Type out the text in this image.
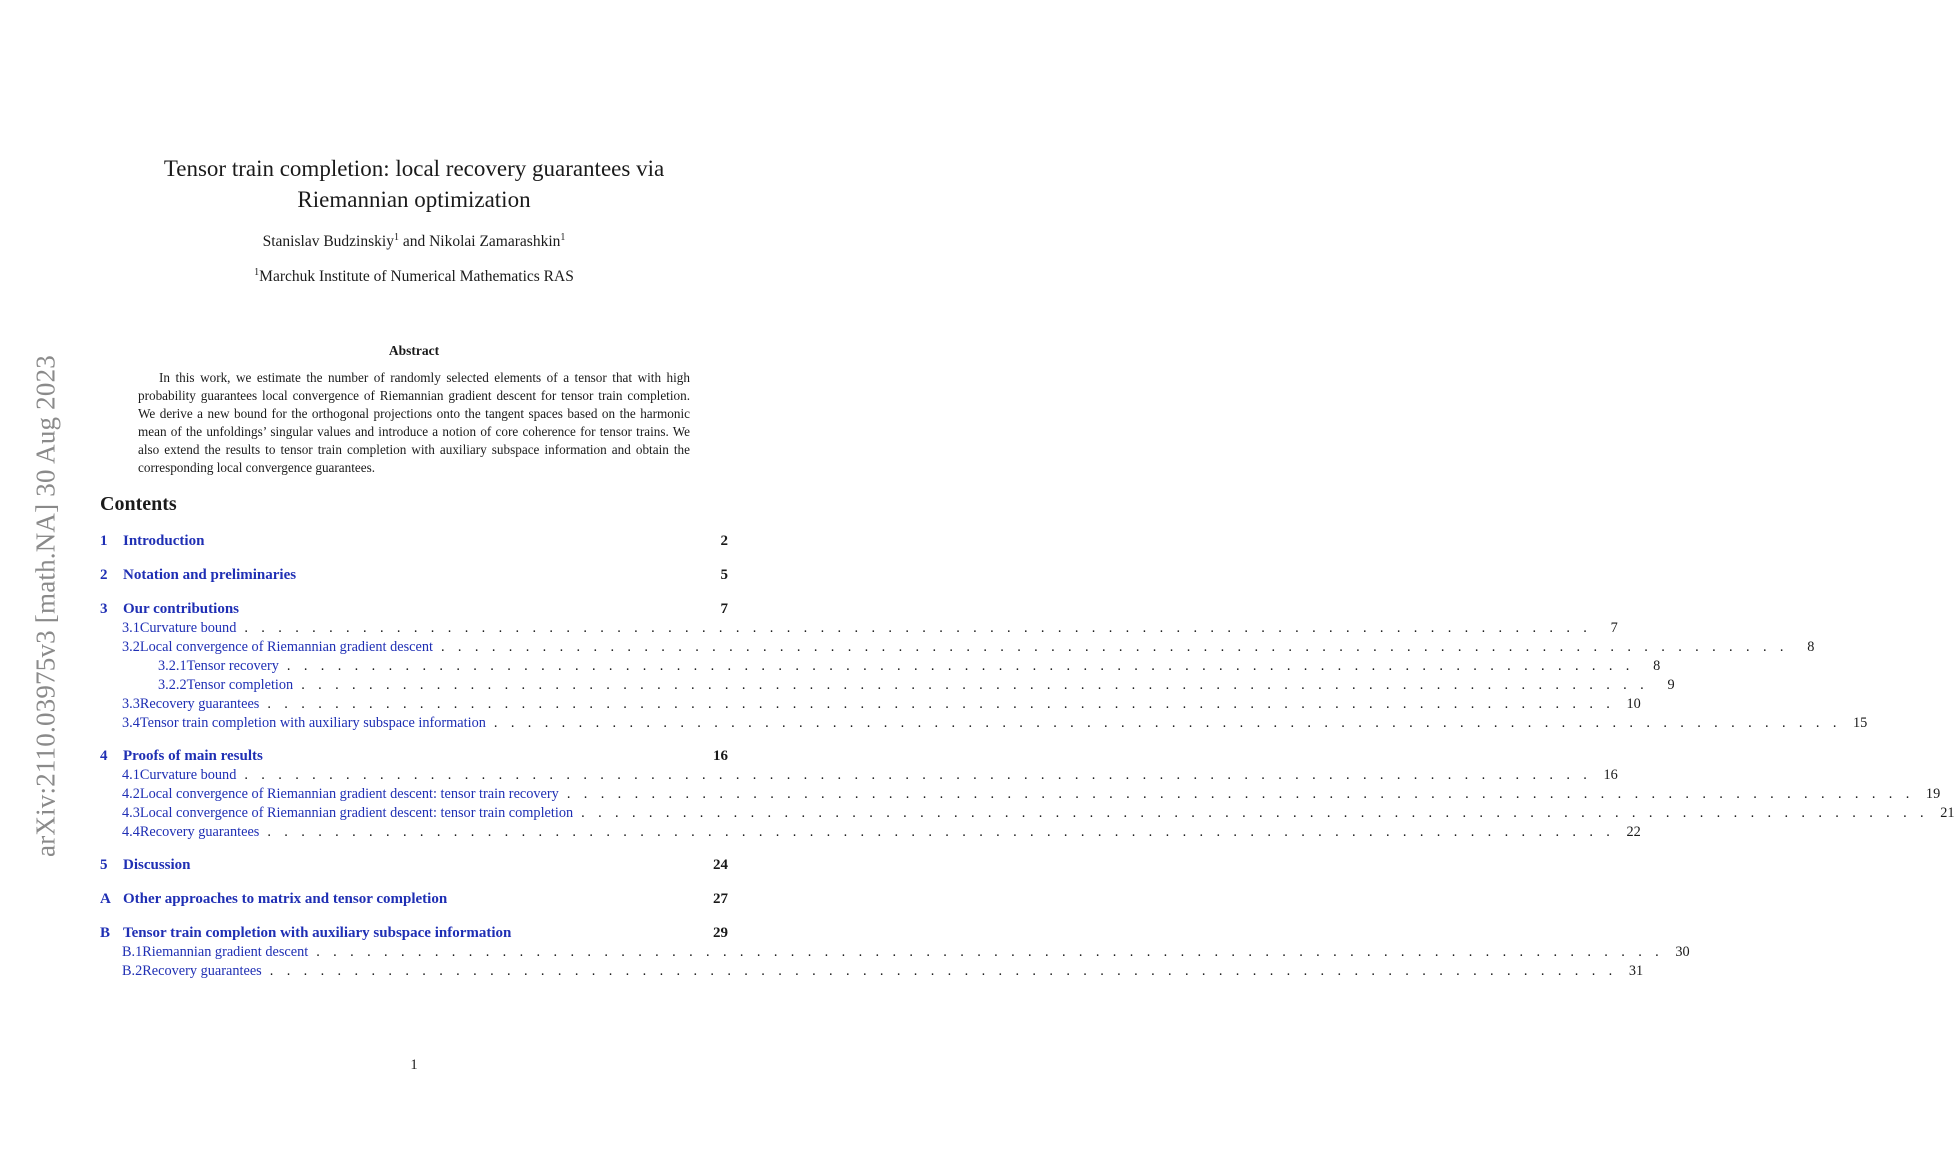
arXiv:2110.03975v3 [math.NA] 30 Aug 2023
Tensor train completion: local recovery guarantees via
Riemannian optimization
Stanislav Budzinskiy$^1$ and Nikolai Zamarashkin$^1$
$^1$Marchuk Institute of Numerical Mathematics RAS
Abstract

In this work, we estimate the number of randomly selected elements of a tensor that with high probability guarantees local convergence of Riemannian gradient descent for tensor train completion. We derive a new bound for the orthogonal projections onto the tangent spaces based on the harmonic mean of the unfoldings’ singular values and introduce a notion of core coherence for tensor trains. We also extend the results to tensor train completion with auxiliary subspace information and obtain the corresponding local convergence guarantees.

Contents
1	Introduction	2
2	Notation and preliminaries	5
3	Our contributions	7
3.1 Curvature bound . . . . . . . . . . . . . . . . . . . . . . . . . . . . . . . . . . . . . . . . . . . . . . . . . . . . . . . . . . . . . . . . . . . . . . . . . . . . . . . .	7
3.2 Local convergence of Riemannian gradient descent . . . . . . . . . . . . . . . . . . . . . . . . . . . . . . . . . . . . . . . . . . . . . . . . . . . . . . . . . . . . . . . . . . . . . . . . . . . . . . . .	8
3.2.1 Tensor recovery . . . . . . . . . . . . . . . . . . . . . . . . . . . . . . . . . . . . . . . . . . . . . . . . . . . . . . . . . . . . . . . . . . . . . . . . . . . . . . . .	8
3.2.2 Tensor completion . . . . . . . . . . . . . . . . . . . . . . . . . . . . . . . . . . . . . . . . . . . . . . . . . . . . . . . . . . . . . . . . . . . . . . . . . . . . . . . .	9
3.3 Recovery guarantees . . . . . . . . . . . . . . . . . . . . . . . . . . . . . . . . . . . . . . . . . . . . . . . . . . . . . . . . . . . . . . . . . . . . . . . . . . . . . . . . 10
3.4 Tensor train completion with auxiliary subspace information . . . . . . . . . . . . . . . . . . . . . . . . . . . . . . . . . . . . . . . . . . . . . . . . . . . . . . . . . . . . . . . . . . . . . . . . . . . . . . . . 15
4	Proofs of main results	16
4.1 Curvature bound . . . . . . . . . . . . . . . . . . . . . . . . . . . . . . . . . . . . . . . . . . . . . . . . . . . . . . . . . . . . . . . . . . . . . . . . . . . . . . . . 16
4.2 Local convergence of Riemannian gradient descent: tensor train recovery . . . . . . . . . . . . . . . . . . . . . . . . . . . . . . . . . . . . . . . . . . . . . . . . . . . . . . . . . . . . . . . . . . . . . . . . . . . . . . . . 19
4.3 Local convergence of Riemannian gradient descent: tensor train completion . . . . . . . . . . . . . . . . . . . . . . . . . . . . . . . . . . . . . . . . . . . . . . . . . . . . . . . . . . . . . . . . . . . . . . . . . . . . . . . . 21
4.4 Recovery guarantees . . . . . . . . . . . . . . . . . . . . . . . . . . . . . . . . . . . . . . . . . . . . . . . . . . . . . . . . . . . . . . . . . . . . . . . . . . . . . . . . 22
5	Discussion	24
A Other approaches to matrix and tensor completion	27
B Tensor train completion with auxiliary subspace information	29
B.1 Riemannian gradient descent . . . . . . . . . . . . . . . . . . . . . . . . . . . . . . . . . . . . . . . . . . . . . . . . . . . . . . . . . . . . . . . . . . . . . . . . . . . . . . . . 30
B.2 Recovery guarantees . . . . . . . . . . . . . . . . . . . . . . . . . . . . . . . . . . . . . . . . . . . . . . . . . . . . . . . . . . . . . . . . . . . . . . . . . . . . . . . . 31
1
